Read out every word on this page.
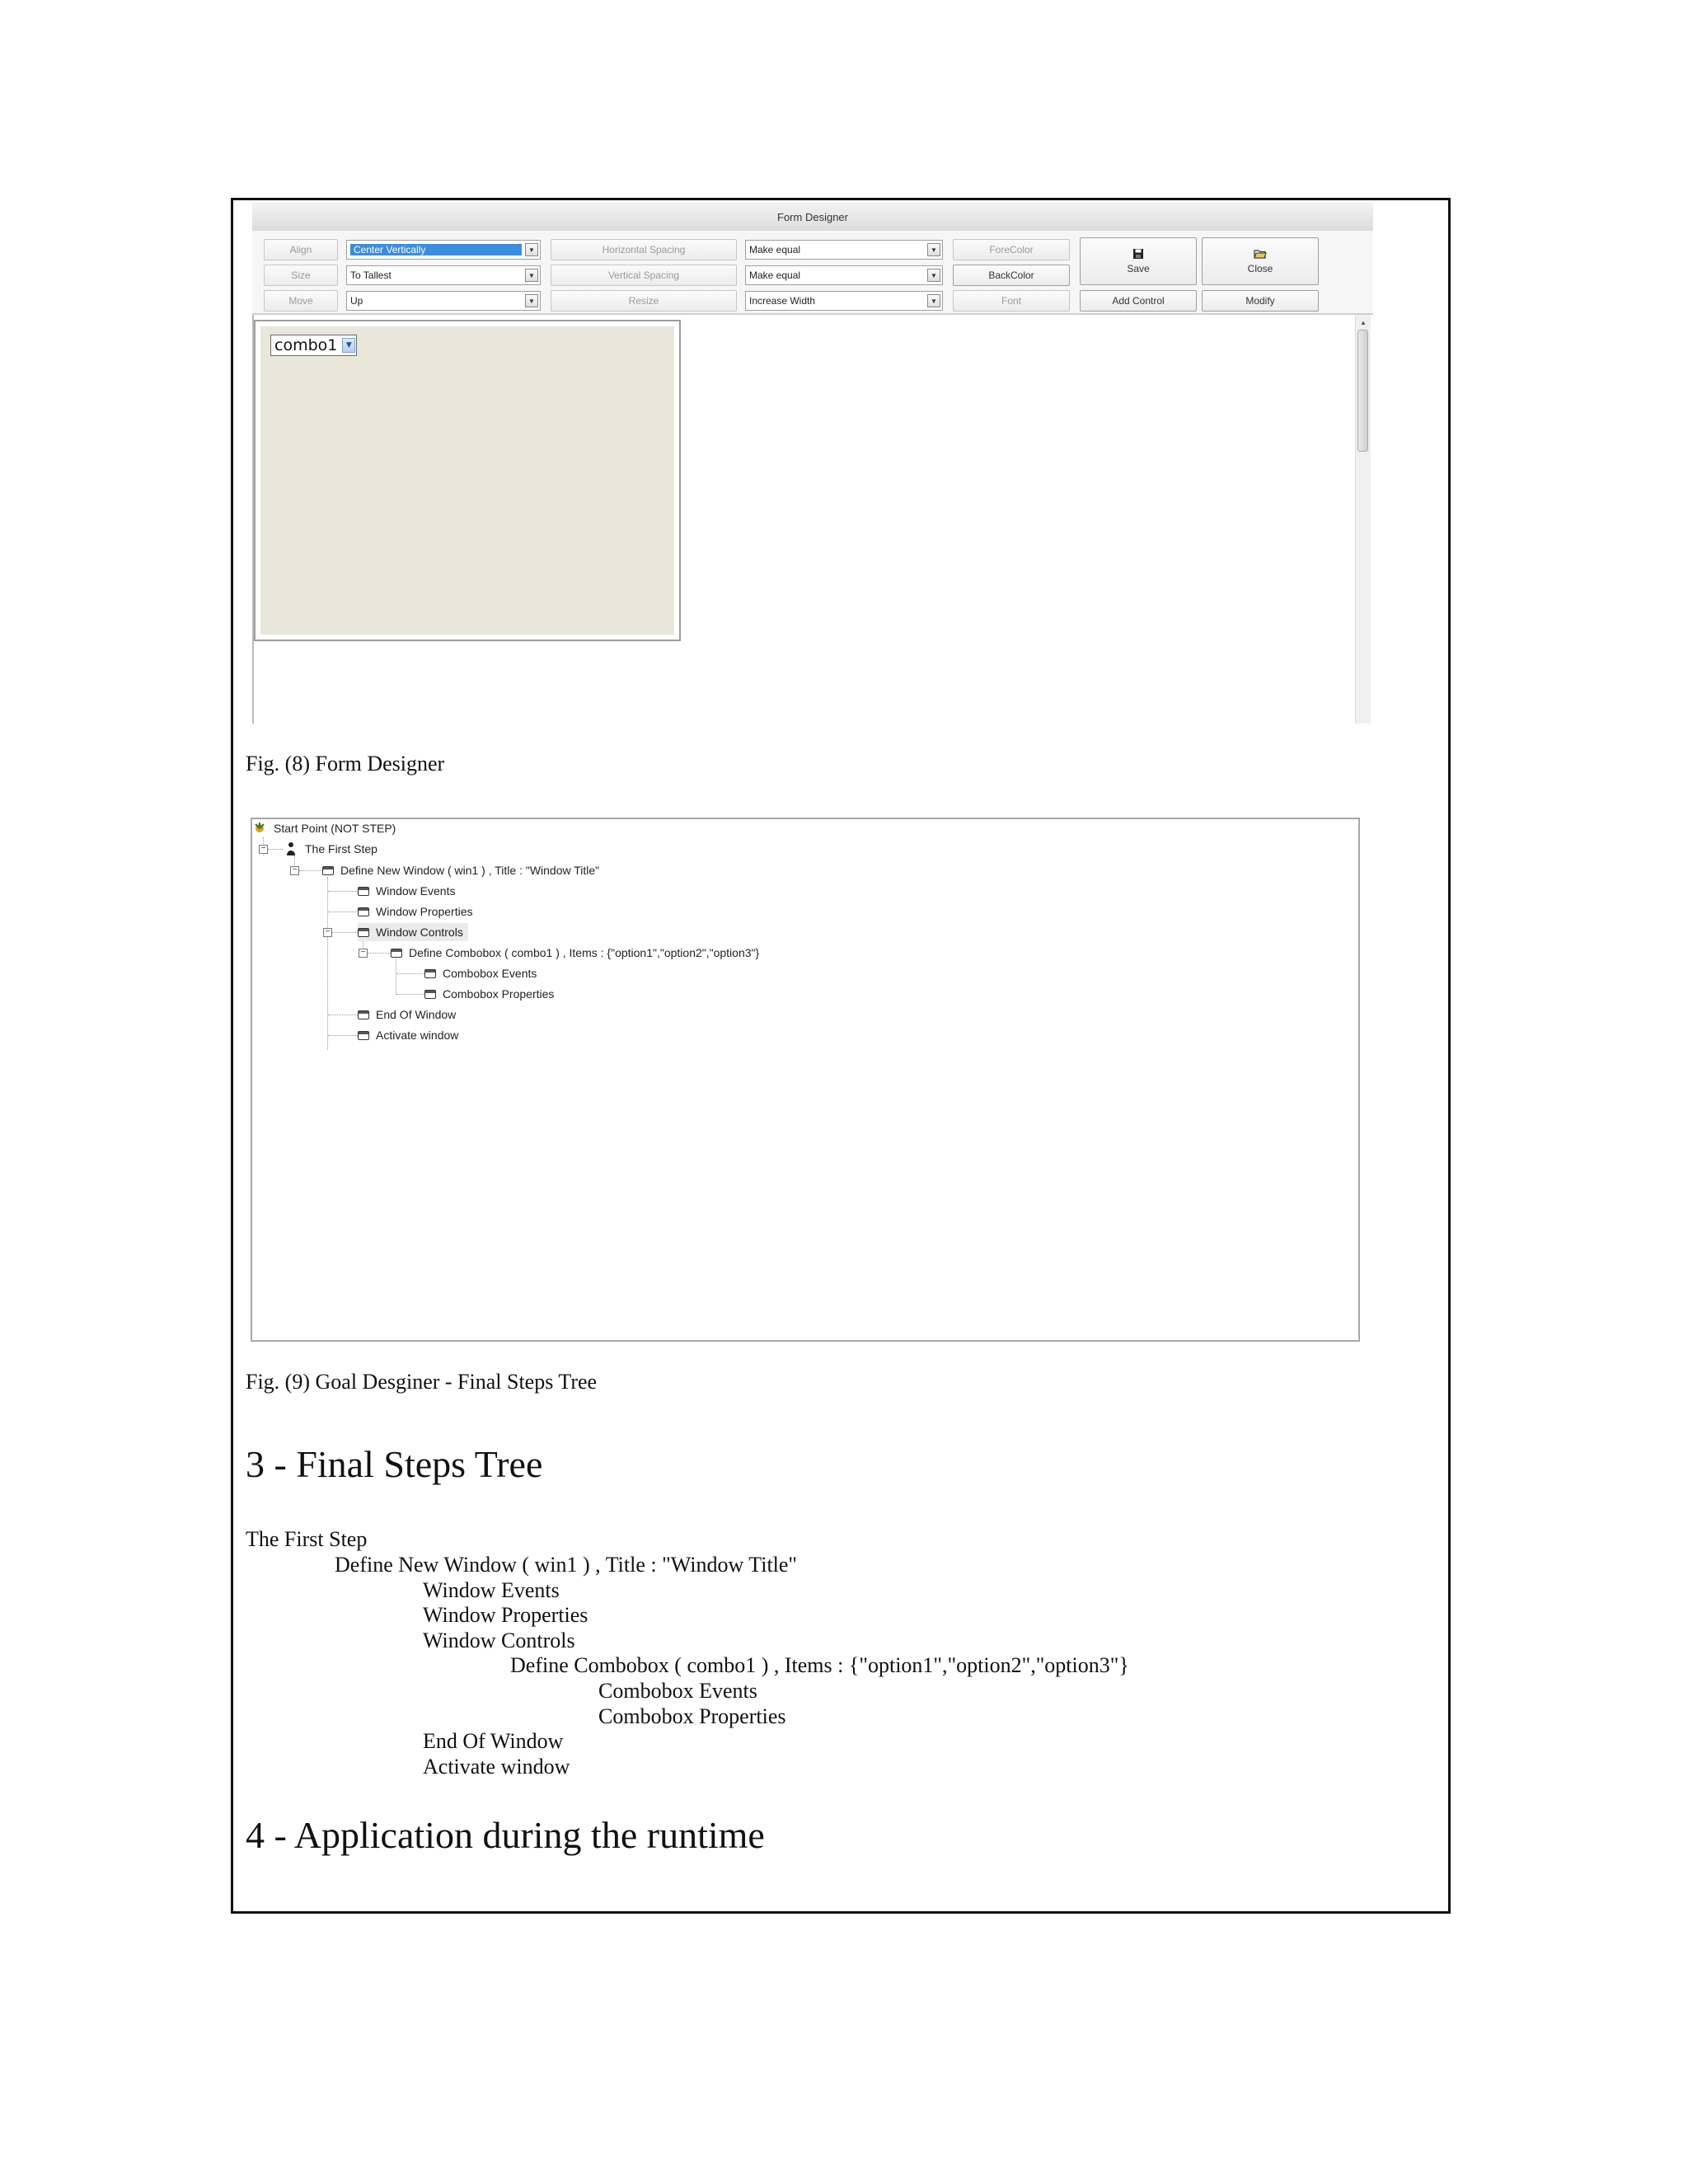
Form Designer
Align
Size
Move
Center Vertically	▼
To Tallest	▼
Up	▼
Horizontal Spacing
Vertical Spacing
Resize
Make equal	▼
Make equal	▼
Increase Width	▼
ForeColor
BackColor
Font
Save	Close
Add Control	Modify
combo1	▼
▲
Fig. (8) Form Designer
−
−
−
−
Start Point (NOT STEP)
The First Step
Define New Window ( win1 ) , Title : "Window Title"
Window Events
Window Properties
Window Controls
Define Combobox ( combo1 ) , Items : {"option1","option2","option3"}
Combobox Events
Combobox Properties
End Of Window
Activate window
Fig. (9) Goal Desginer - Final Steps Tree
3 - Final Steps Tree
The First Step
Define New Window ( win1 ) , Title : "Window Title"
Window Events
Window Properties
Window Controls
Define Combobox ( combo1 ) , Items : {"option1","option2","option3"}
Combobox Events
Combobox Properties
End Of Window
Activate window
4 - Application during the runtime
